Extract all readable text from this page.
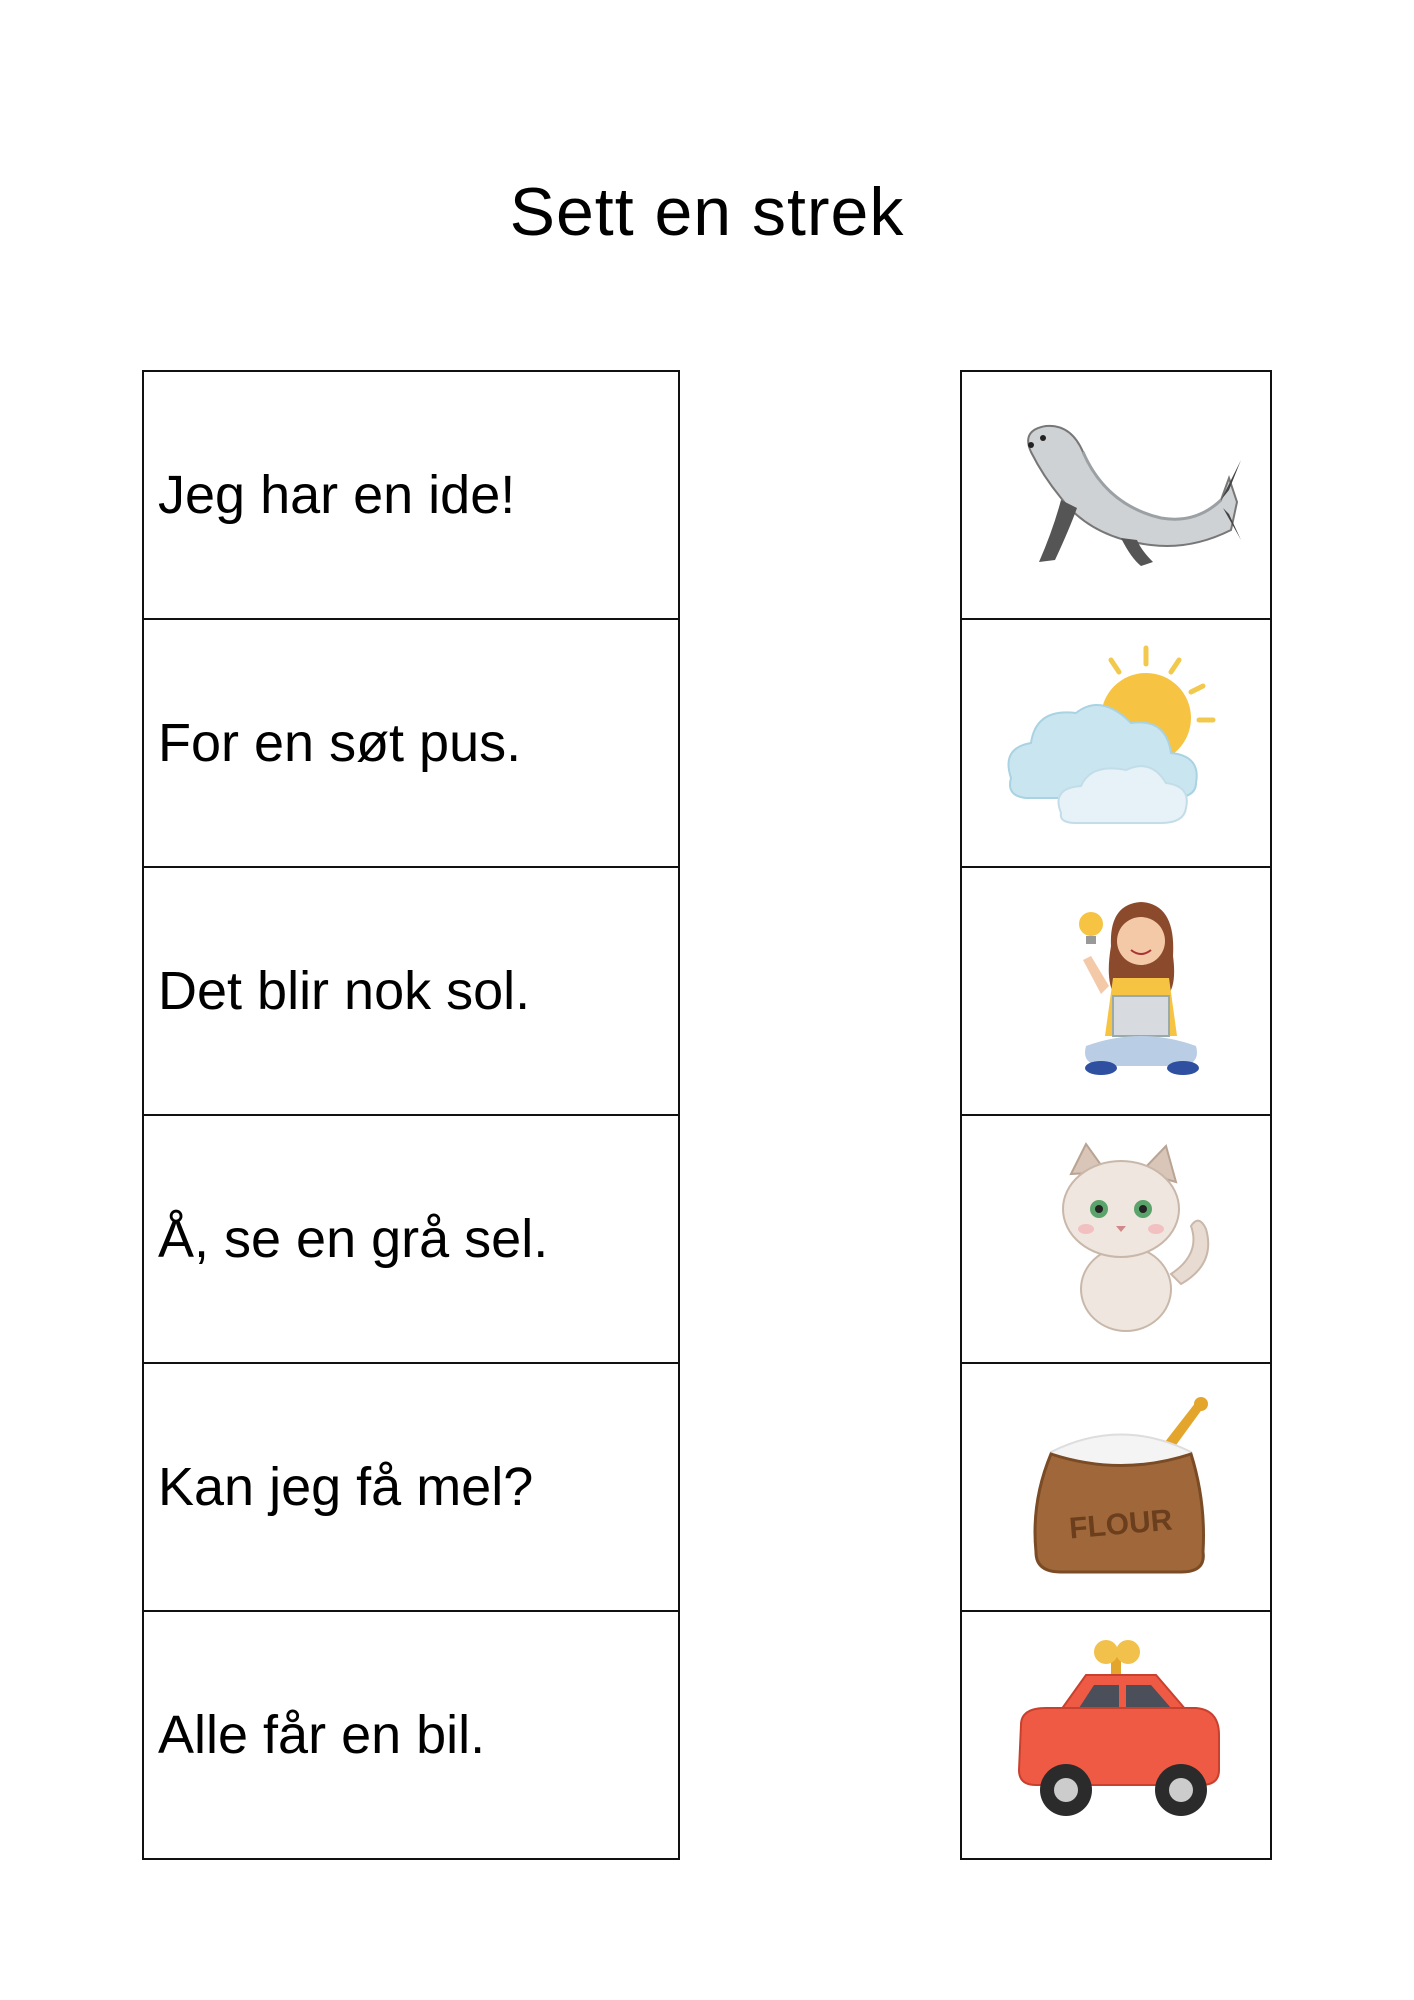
Sett en strek
Jeg har en ide!
For en søt pus.
Det blir nok sol.
Å, se en grå sel.
Kan jeg få mel?
Alle får en bil.
FLOUR
